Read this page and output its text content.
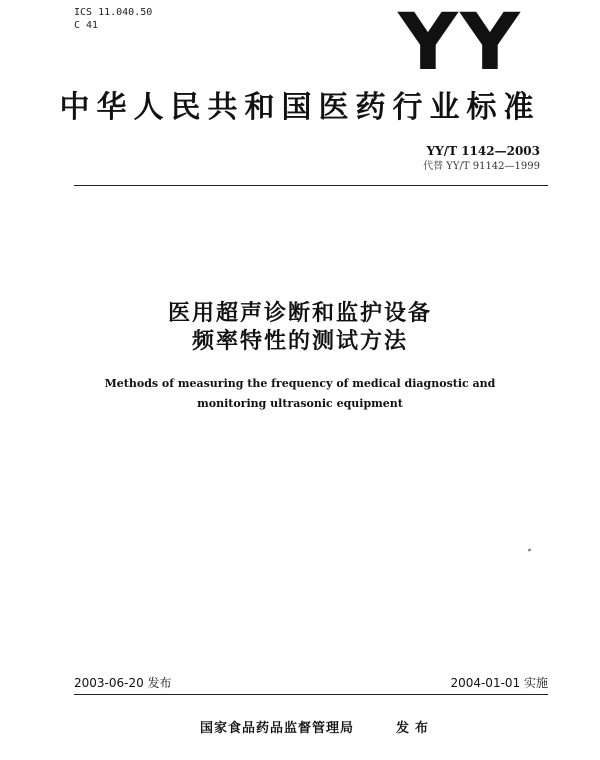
ICS 11.040.50
C 41	YY
中华人民共和国医药行业标准
YY/T 1142—2003
代替 YY/T 91142—1999
医用超声诊断和监护设备
频率特性的测试方法
Methods of measuring the frequency of medical diagnostic and
monitoring ultrasonic equipment
2003-06-20 发布	2004-01-01 实施
国家食品药品监督管理局	发布
